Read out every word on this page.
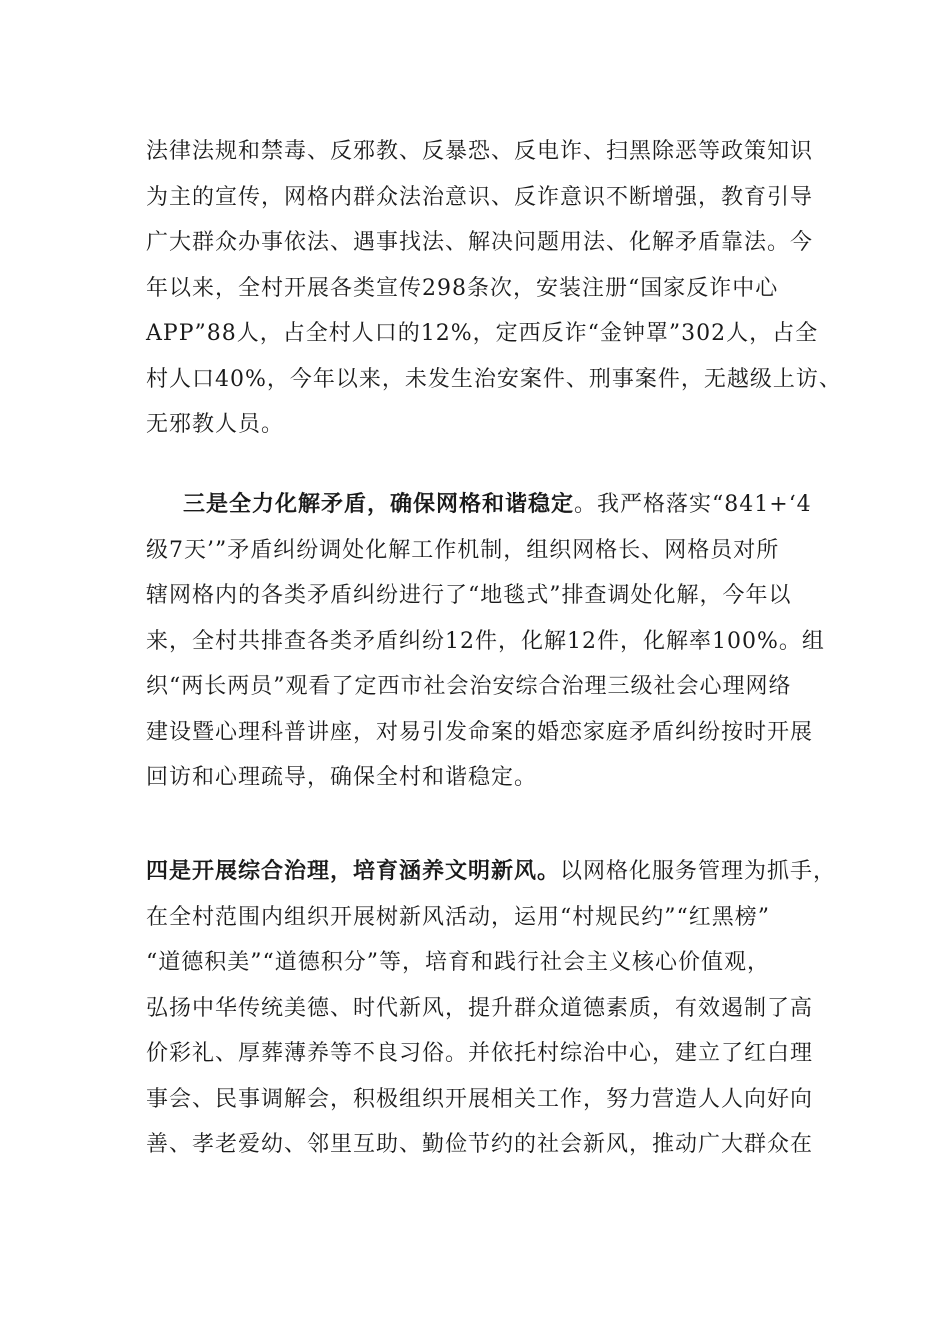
法律法规和禁毒、反邪教、反暴恐、反电诈、扫黑除恶等政策知识
为主的宣传，网格内群众法治意识、反诈意识不断增强，教育引导
广大群众办事依法、遇事找法、解决问题用法、化解矛盾靠法。今
年以来，全村开展各类宣传298条次，安装注册“国家反诈中心
APP”88人，占全村人口的12%，定西反诈“金钟罩”302人，占全
村人口40%，今年以来，未发生治安案件、刑事案件，无越级上访、
无邪教人员。
三是全力化解矛盾，确保网格和谐稳定。我严格落实“841+‘4
级7天’”矛盾纠纷调处化解工作机制，组织网格长、网格员对所
辖网格内的各类矛盾纠纷进行了“地毯式”排查调处化解，今年以
来，全村共排查各类矛盾纠纷12件，化解12件，化解率100%。组
织“两长两员”观看了定西市社会治安综合治理三级社会心理网络
建设暨心理科普讲座，对易引发命案的婚恋家庭矛盾纠纷按时开展
回访和心理疏导，确保全村和谐稳定。
四是开展综合治理，培育涵养文明新风。以网格化服务管理为抓手，
在全村范围内组织开展树新风活动，运用“村规民约”“红黑榜”
“道德积美”“道德积分”等，培育和践行社会主义核心价值观，
弘扬中华传统美德、时代新风，提升群众道德素质，有效遏制了高
价彩礼、厚葬薄养等不良习俗。并依托村综治中心，建立了红白理
事会、民事调解会，积极组织开展相关工作，努力营造人人向好向
善、孝老爱幼、邻里互助、勤俭节约的社会新风，推动广大群众在
